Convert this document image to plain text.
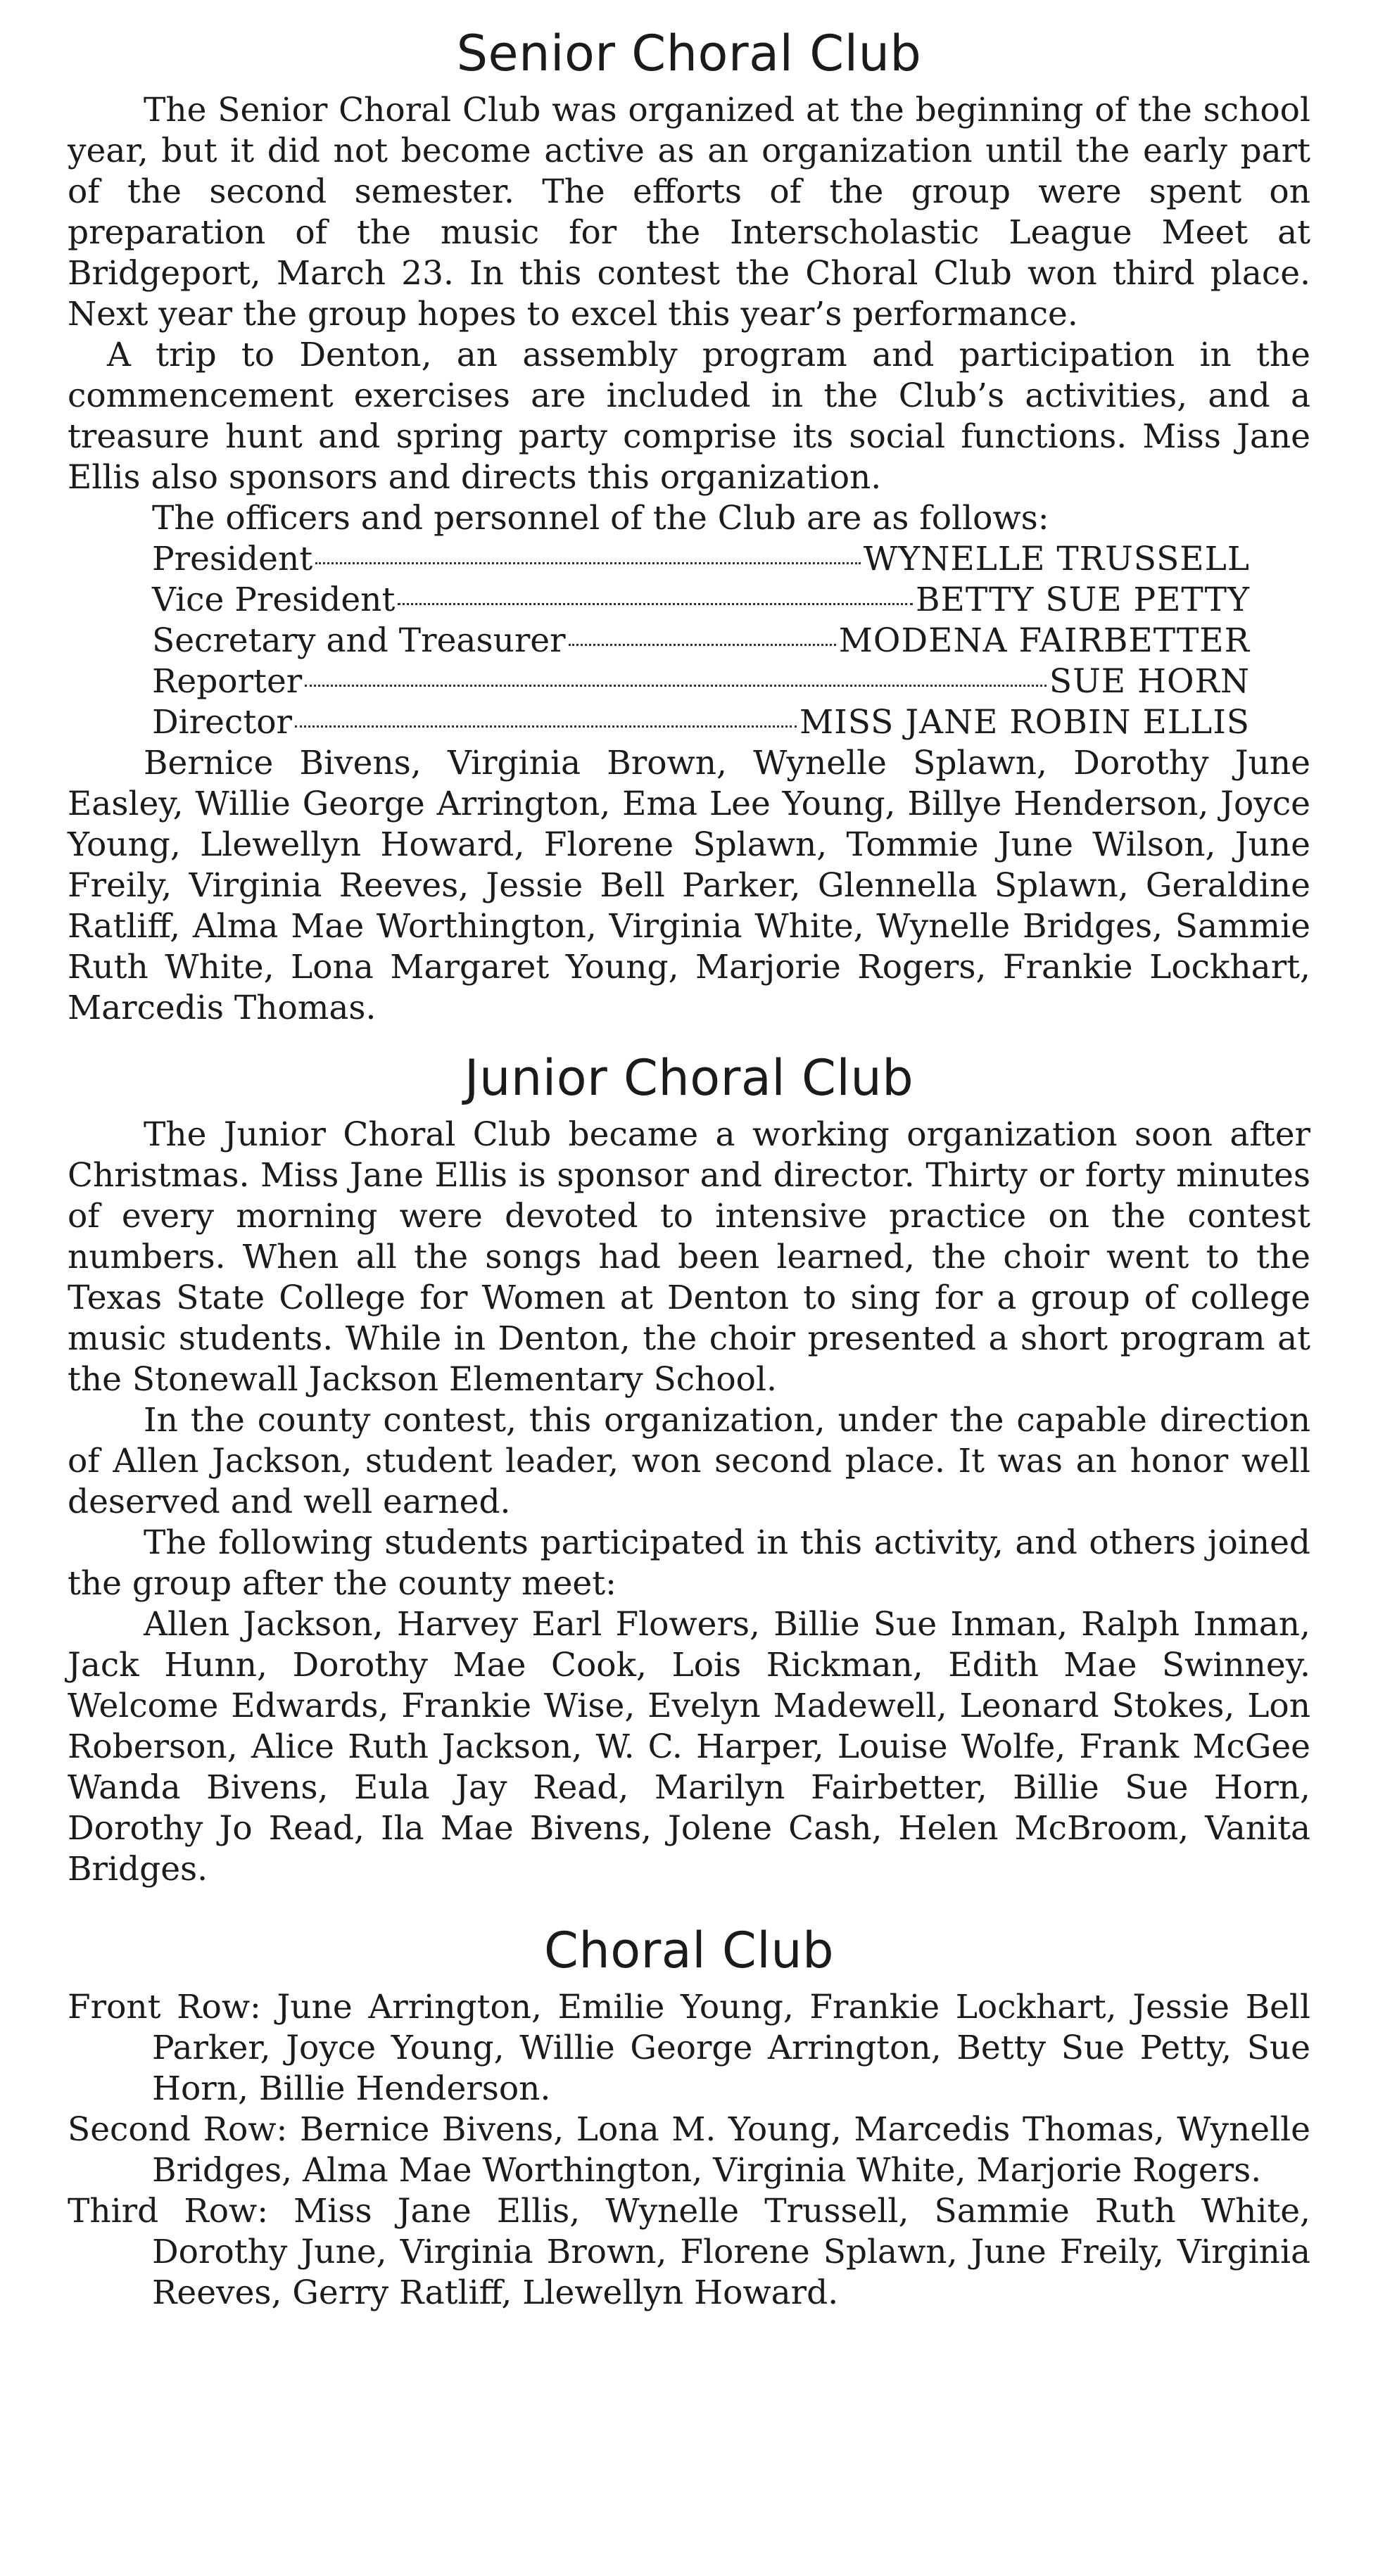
Senior Choral Club

The Senior Choral Club was organized at the beginning of the school year, but it did not become active as an organization until the early part of the second semester. The efforts of the group were spent on preparation of the music for the Interscholastic League Meet at Bridgeport, March 23. In this contest the Choral Club won third place. Next year the group hopes to excel this year’s performance.

A trip to Denton, an assembly program and participation in the commencement exercises are included in the Club’s activities, and a treasure hunt and spring party comprise its social functions. Miss Jane Ellis also sponsors and directs this organization.

The officers and personnel of the Club are as follows:

President	WYNELLE TRUSSELL
Vice President	BETTY SUE PETTY
Secretary and Treasurer	MODENA FAIRBETTER
Reporter	SUE HORN
Director	MISS JANE ROBIN ELLIS

Bernice Bivens, Virginia Brown, Wynelle Splawn, Dorothy June Easley, Willie George Arrington, Ema Lee Young, Billye Henderson, Joyce Young, Llewellyn Howard, Florene Splawn, Tommie June Wilson, June Freily, Virginia Reeves, Jessie Bell Parker, Glennella Splawn, Geraldine Ratliff, Alma Mae Worthington, Virginia White, Wynelle Bridges, Sammie Ruth White, Lona Margaret Young, Marjorie Rogers, Frankie Lockhart, Marcedis Thomas.

Junior Choral Club

The Junior Choral Club became a working organization soon after Christmas. Miss Jane Ellis is sponsor and director. Thirty or forty minutes of every morning were devoted to intensive practice on the contest numbers. When all the songs had been learned, the choir went to the Texas State College for Women at Denton to sing for a group of college music students. While in Denton, the choir presented a short program at the Stonewall Jackson Elementary School.

In the county contest, this organization, under the capable direction of Allen Jackson, student leader, won second place. It was an honor well deserved and well earned.

The following students participated in this activity, and others joined the group after the county meet:

Allen Jackson, Harvey Earl Flowers, Billie Sue Inman, Ralph Inman, Jack Hunn, Dorothy Mae Cook, Lois Rickman, Edith Mae Swinney. Welcome Edwards, Frankie Wise, Evelyn Madewell, Leonard Stokes, Lon Roberson, Alice Ruth Jackson, W. C. Harper, Louise Wolfe, Frank McGee Wanda Bivens, Eula Jay Read, Marilyn Fairbetter, Billie Sue Horn, Dorothy Jo Read, Ila Mae Bivens, Jolene Cash, Helen McBroom, Vanita Bridges.

Choral Club

Front Row: June Arrington, Emilie Young, Frankie Lockhart, Jessie Bell Parker, Joyce Young, Willie George Arrington, Betty Sue Petty, Sue Horn, Billie Henderson.

Second Row: Bernice Bivens, Lona M. Young, Marcedis Thomas, Wynelle Bridges, Alma Mae Worthington, Virginia White, Marjorie Rogers.

Third Row: Miss Jane Ellis, Wynelle Trussell, Sammie Ruth White, Dorothy June, Virginia Brown, Florene Splawn, June Freily, Virginia Reeves, Gerry Ratliff, Llewellyn Howard.
